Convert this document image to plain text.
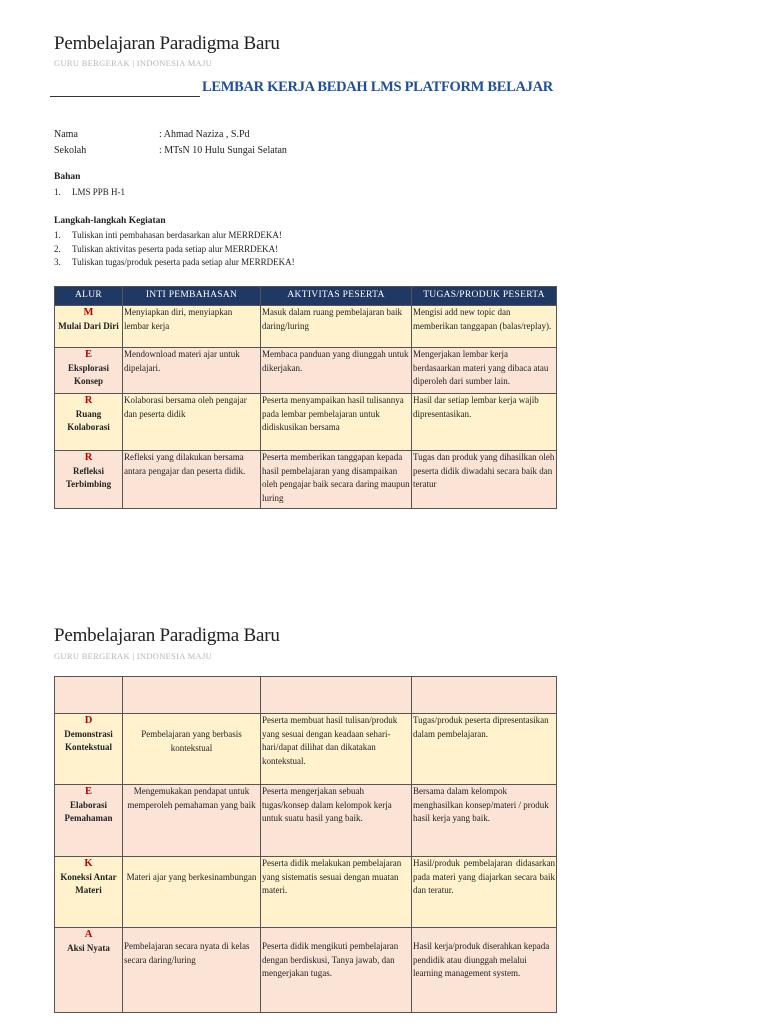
Pembelajaran Paradigma Baru
GURU BERGERAK | INDONESIA MAJU
LEMBAR KERJA BEDAH LMS PLATFORM BELAJAR
Nama	: Ahmad Naziza , S.Pd
Sekolah	: MTsN 10 Hulu Sungai Selatan
Bahan
1. LMS PPB H-1
Langkah-langkah Kegiatan
1. Tuliskan inti pembahasan berdasarkan alur MERRDEKA!
2. Tuliskan aktivitas peserta pada setiap alur MERRDEKA!
3. Tuliskan tugas/produk peserta pada setiap alur MERRDEKA!
ALUR	INTI PEMBAHASAN	AKTIVITAS PESERTA	TUGAS/PRODUK PESERTA

M
Mulai Dari Diri	Menyiapkan diri, menyiapkan lembar kerja	Masuk dalam ruang pembelajaran baik daring/luring	Mengisi add new topic dan memberikan tanggapan (balas/replay).

E
Eksplorasi Konsep	Mendownload materi ajar untuk dipelajari.	Membaca panduan yang diunggah untuk dikerjakan.	Mengerjakan lembar kerja berdasaarkan materi yang dibaca atau diperoleh dari sumber lain.

R
Ruang Kolaborasi	Kolaborasi bersama oleh pengajar dan peserta didik	Peserta menyampaikan hasil tulisannya pada lembar pembelajaran untuk didiskusikan bersama	Hasil dar setiap lembar kerja wajib dipresentasikan.

R
Refleksi Terbimbing	Refleksi yang dilakukan bersama antara pengajar dan peserta didik.	Peserta memberikan tanggapan kepada hasil pembelajaran yang disampaikan oleh pengajar baik secara daring maupun luring	Tugas dan produk yang dihasilkan oleh peserta didik diwadahi secara baik dan teratur
Pembelajaran Paradigma Baru
GURU BERGERAK | INDONESIA MAJU

D
Demonstrasi Kontekstual	Pembelajaran yang berbasis kontekstual	Peserta membuat hasil tulisan/produk yang sesuai dengan keadaan sehari-hari/dapat dilihat dan dikatakan kontekstual.	Tugas/produk peserta dipresentasikan dalam pembelajaran.

E
Elaborasi Pemahaman	Mengemukakan pendapat untuk memperoleh pemahaman yang baik	Peserta mengerjakan sebuah tugas/konsep dalam kelompok kerja untuk suatu hasil yang baik.	Bersama dalam kelompok menghasilkan konsep/materi / produk hasil kerja yang baik.

K
Koneksi Antar Materi	Materi ajar yang berkesinambungan	Peserta didik melakukan pembelajaran yang sistematis sesuai dengan muatan materi.	Hasil/produk pembelajaran didasarkan pada materi yang diajarkan secara baik dan teratur.

A
Aksi Nyata	Pembelajaran secara nyata di kelas secara daring/luring	Peserta didik mengikuti pembelajaran dengan berdiskusi, Tanya jawab, dan mengerjakan tugas.	Hasil kerja/produk diserahkan kepada pendidik atau diunggah melalui learning management system.
